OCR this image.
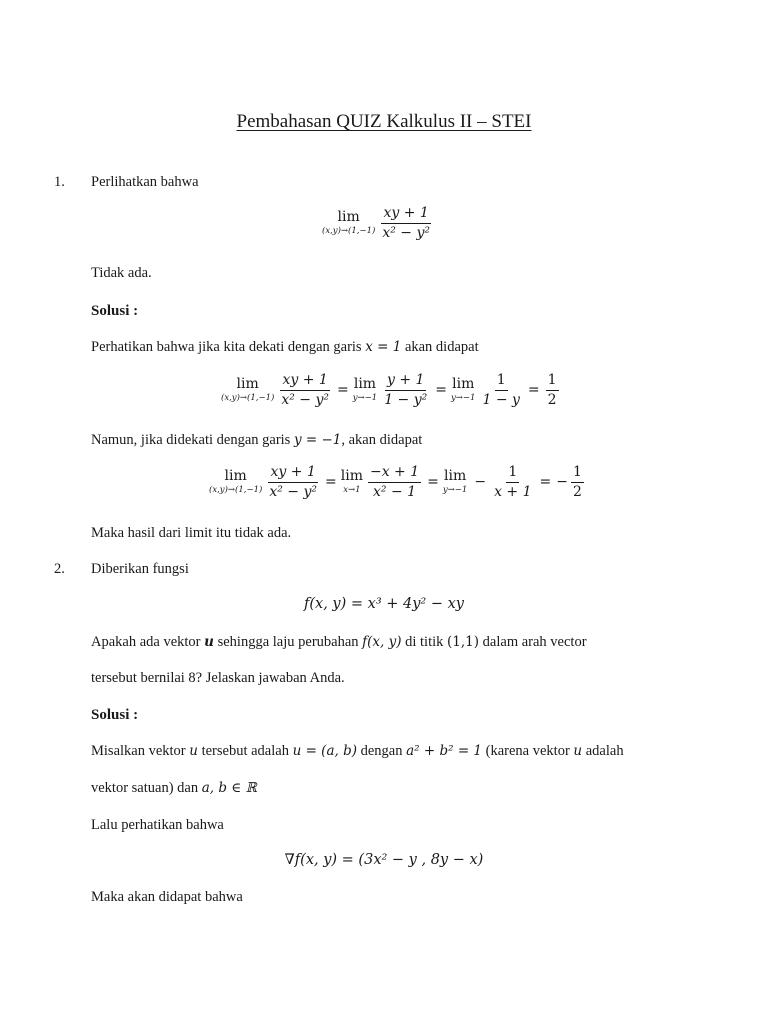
Pembahasan QUIZ Kalkulus II – STEI
1. Perlihatkan bahwa
lim
$(x,y)\to(1,-1) \frac{xy + 1}{\text{x² − y²}}$
Tidak ada.
Solusi :
Perhatikan bahwa jika kita dekati dengan garis x = 1 akan didapat
lim
$(x,y)\to(1,-1) \frac{xy + 1}{\text{x² − y²}} = \lim$
$y\to-1 \frac{y + 1}{\text{1 − y²}} = \lim$
$y\to-1 \frac{1}{1 - y} = \frac{1}{2}$
Namun, jika didekati dengan garis y = −1, akan didapat
lim
$(x,y)\to(1,-1) \frac{xy + 1}{\text{x² − y²}} = \lim$
$x\to 1 \frac{-x + 1}{\text{x² − 1}} = \lim$
y→−1
− $\frac{1}{x + 1}$ = − $\frac{1}{2}$
Maka hasil dari limit itu tidak ada.
2. Diberikan fungsi
f(x, y) = x³ + 4y² − xy
Apakah ada vektor u sehingga laju perubahan f(x, y) di titik (1,1) dalam arah vector
tersebut bernilai 8? Jelaskan jawaban Anda.
Solusi :
Misalkan vektor u tersebut adalah u = (a, b) dengan a² + b² = 1 (karena vektor u adalah
vektor satuan) dan a, b ∈ ℝ
Lalu perhatikan bahwa
∇f(x, y) = (3x² − y , 8y − x)
Maka akan didapat bahwa
